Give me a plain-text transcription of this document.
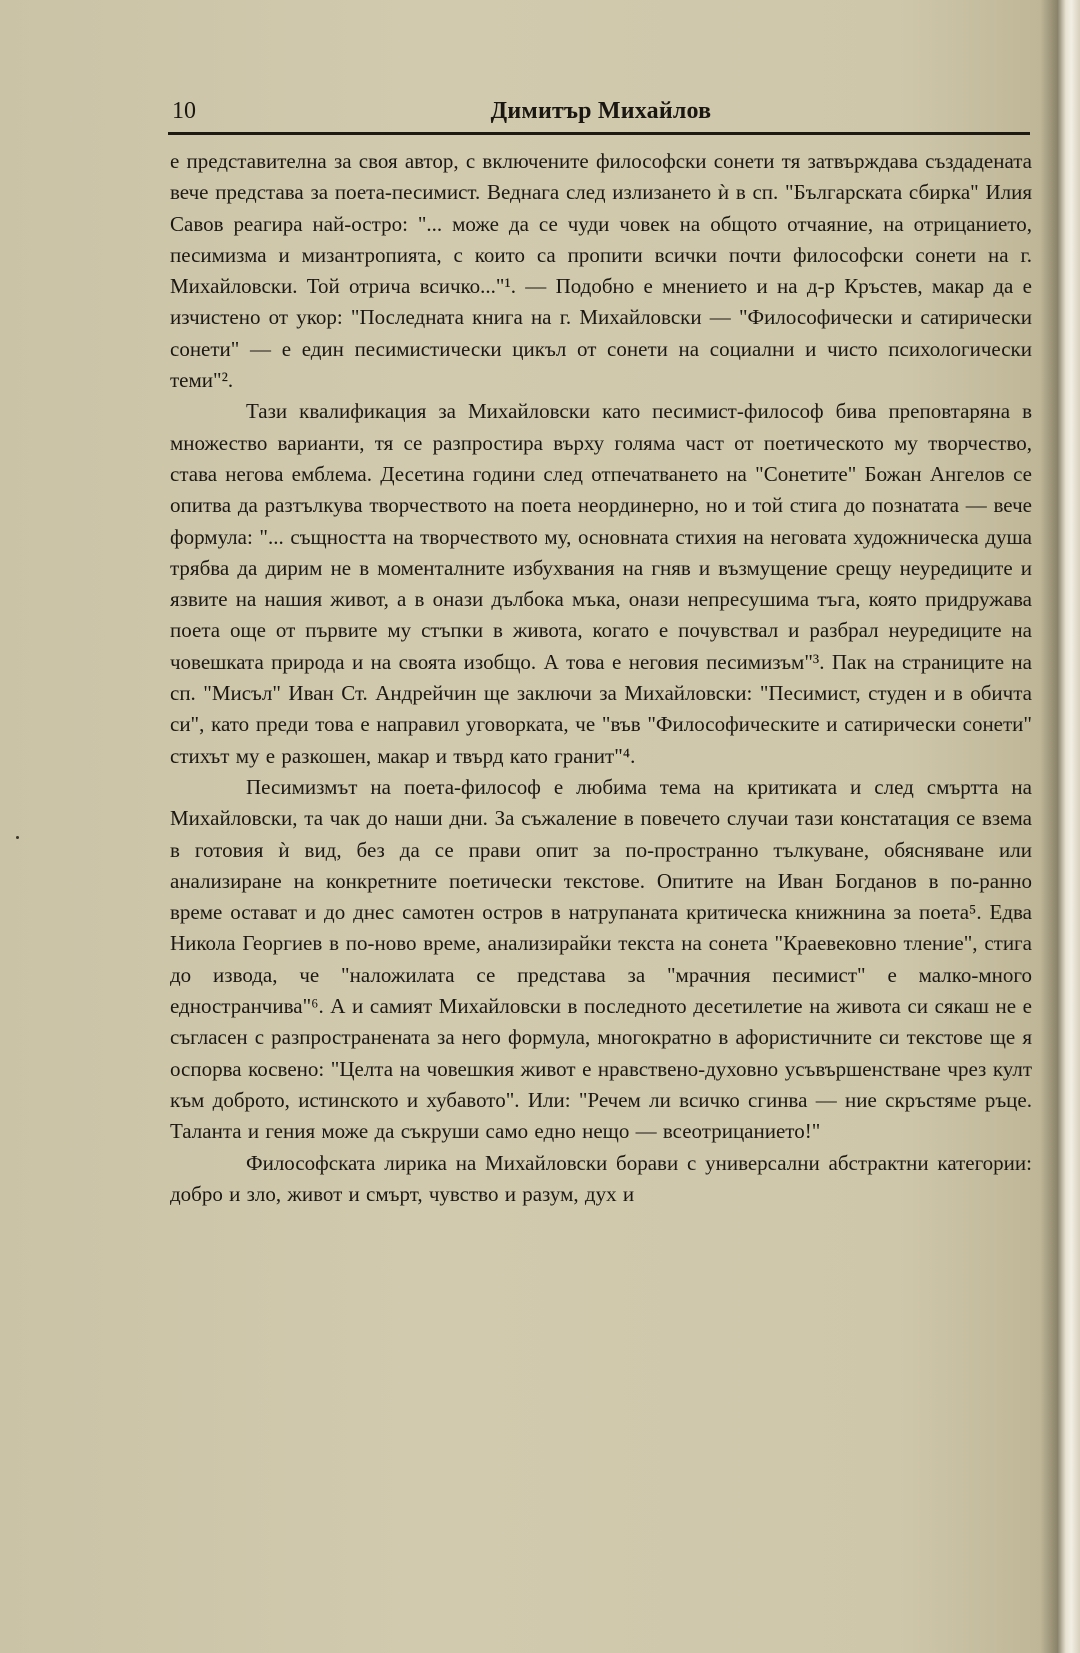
10	Димитър Михайлов

е представителна за своя автор, с включените философски сонети тя затвърждава създадената вече представа за поета-песимист. Веднага след излизането ѝ в сп. "Българската сбирка" Илия Савов реагира най-остро: "... може да се чуди човек на общото отчаяние, на отрицанието, песимизма и мизантропията, с които са пропити всички почти философски сонети на г. Михайловски. Той отрича всичко..."¹. — Подобно е мнението и на д-р Кръстев, макар да е изчистено от укор: "Последната книга на г. Михайловски — "Философически и сатирически сонети" — е един песимистически цикъл от сонети на социални и чисто психологически теми"².

Тази квалификация за Михайловски като песимист-философ бива преповтаряна в множество варианти, тя се разпростира върху голяма част от поетическото му творчество, става негова емблема. Десетина години след отпечатването на "Сонетите" Божан Ангелов се опитва да разтълкува творчеството на поета неординерно, но и той стига до познатата — вече формула: "... същността на творчеството му, основната стихия на неговата художническа душа трябва да дирим не в моменталните избухвания на гняв и възмущение срещу неуредиците и язвите на нашия живот, а в онази дълбока мъка, онази непресушима тъга, която придружава поета още от първите му стъпки в живота, когато е почувствал и разбрал неуредиците на човешката природа и на своята изобщо. А това е неговия песимизъм"³. Пак на страниците на сп. "Мисъл" Иван Ст. Андрейчин ще заключи за Михайловски: "Песимист, студен и в обичта си", като преди това е направил уговорката, че "във "Философическите и сатирически сонети" стихът му е разкошен, макар и твърд като гранит"⁴.

Песимизмът на поета-философ е любима тема на критиката и след смъртта на Михайловски, та чак до наши дни. За съжаление в повечето случаи тази констатация се взема в готовия ѝ вид, без да се прави опит за по-пространно тълкуване, обясняване или анализиране на конкретните поетически текстове. Опитите на Иван Богданов в по-ранно време остават и до днес самотен остров в натрупаната критическа книжнина за поета⁵. Едва Никола Георгиев в по-ново време, анализирайки текста на сонета "Краевековно тление", стига до извода, че "наложилата се представа за "мрачния песимист" е малко-много едностранчива"⁶. А и самият Михайловски в последното десетилетие на живота си сякаш не е съгласен с разпространената за него формула, многократно в афористичните си текстове ще я оспорва косвено: "Целта на човешкия живот е нравствено-духовно усъвършенстване чрез култ към доброто, истинското и хубавото". Или: "Речем ли всичко сгинва — ние скръстяме ръце. Таланта и гения може да съкруши само едно нещо — всеотрицанието!"

Философската лирика на Михайловски борави с универсални абстрактни категории: добро и зло, живот и смърт, чувство и разум, дух и
